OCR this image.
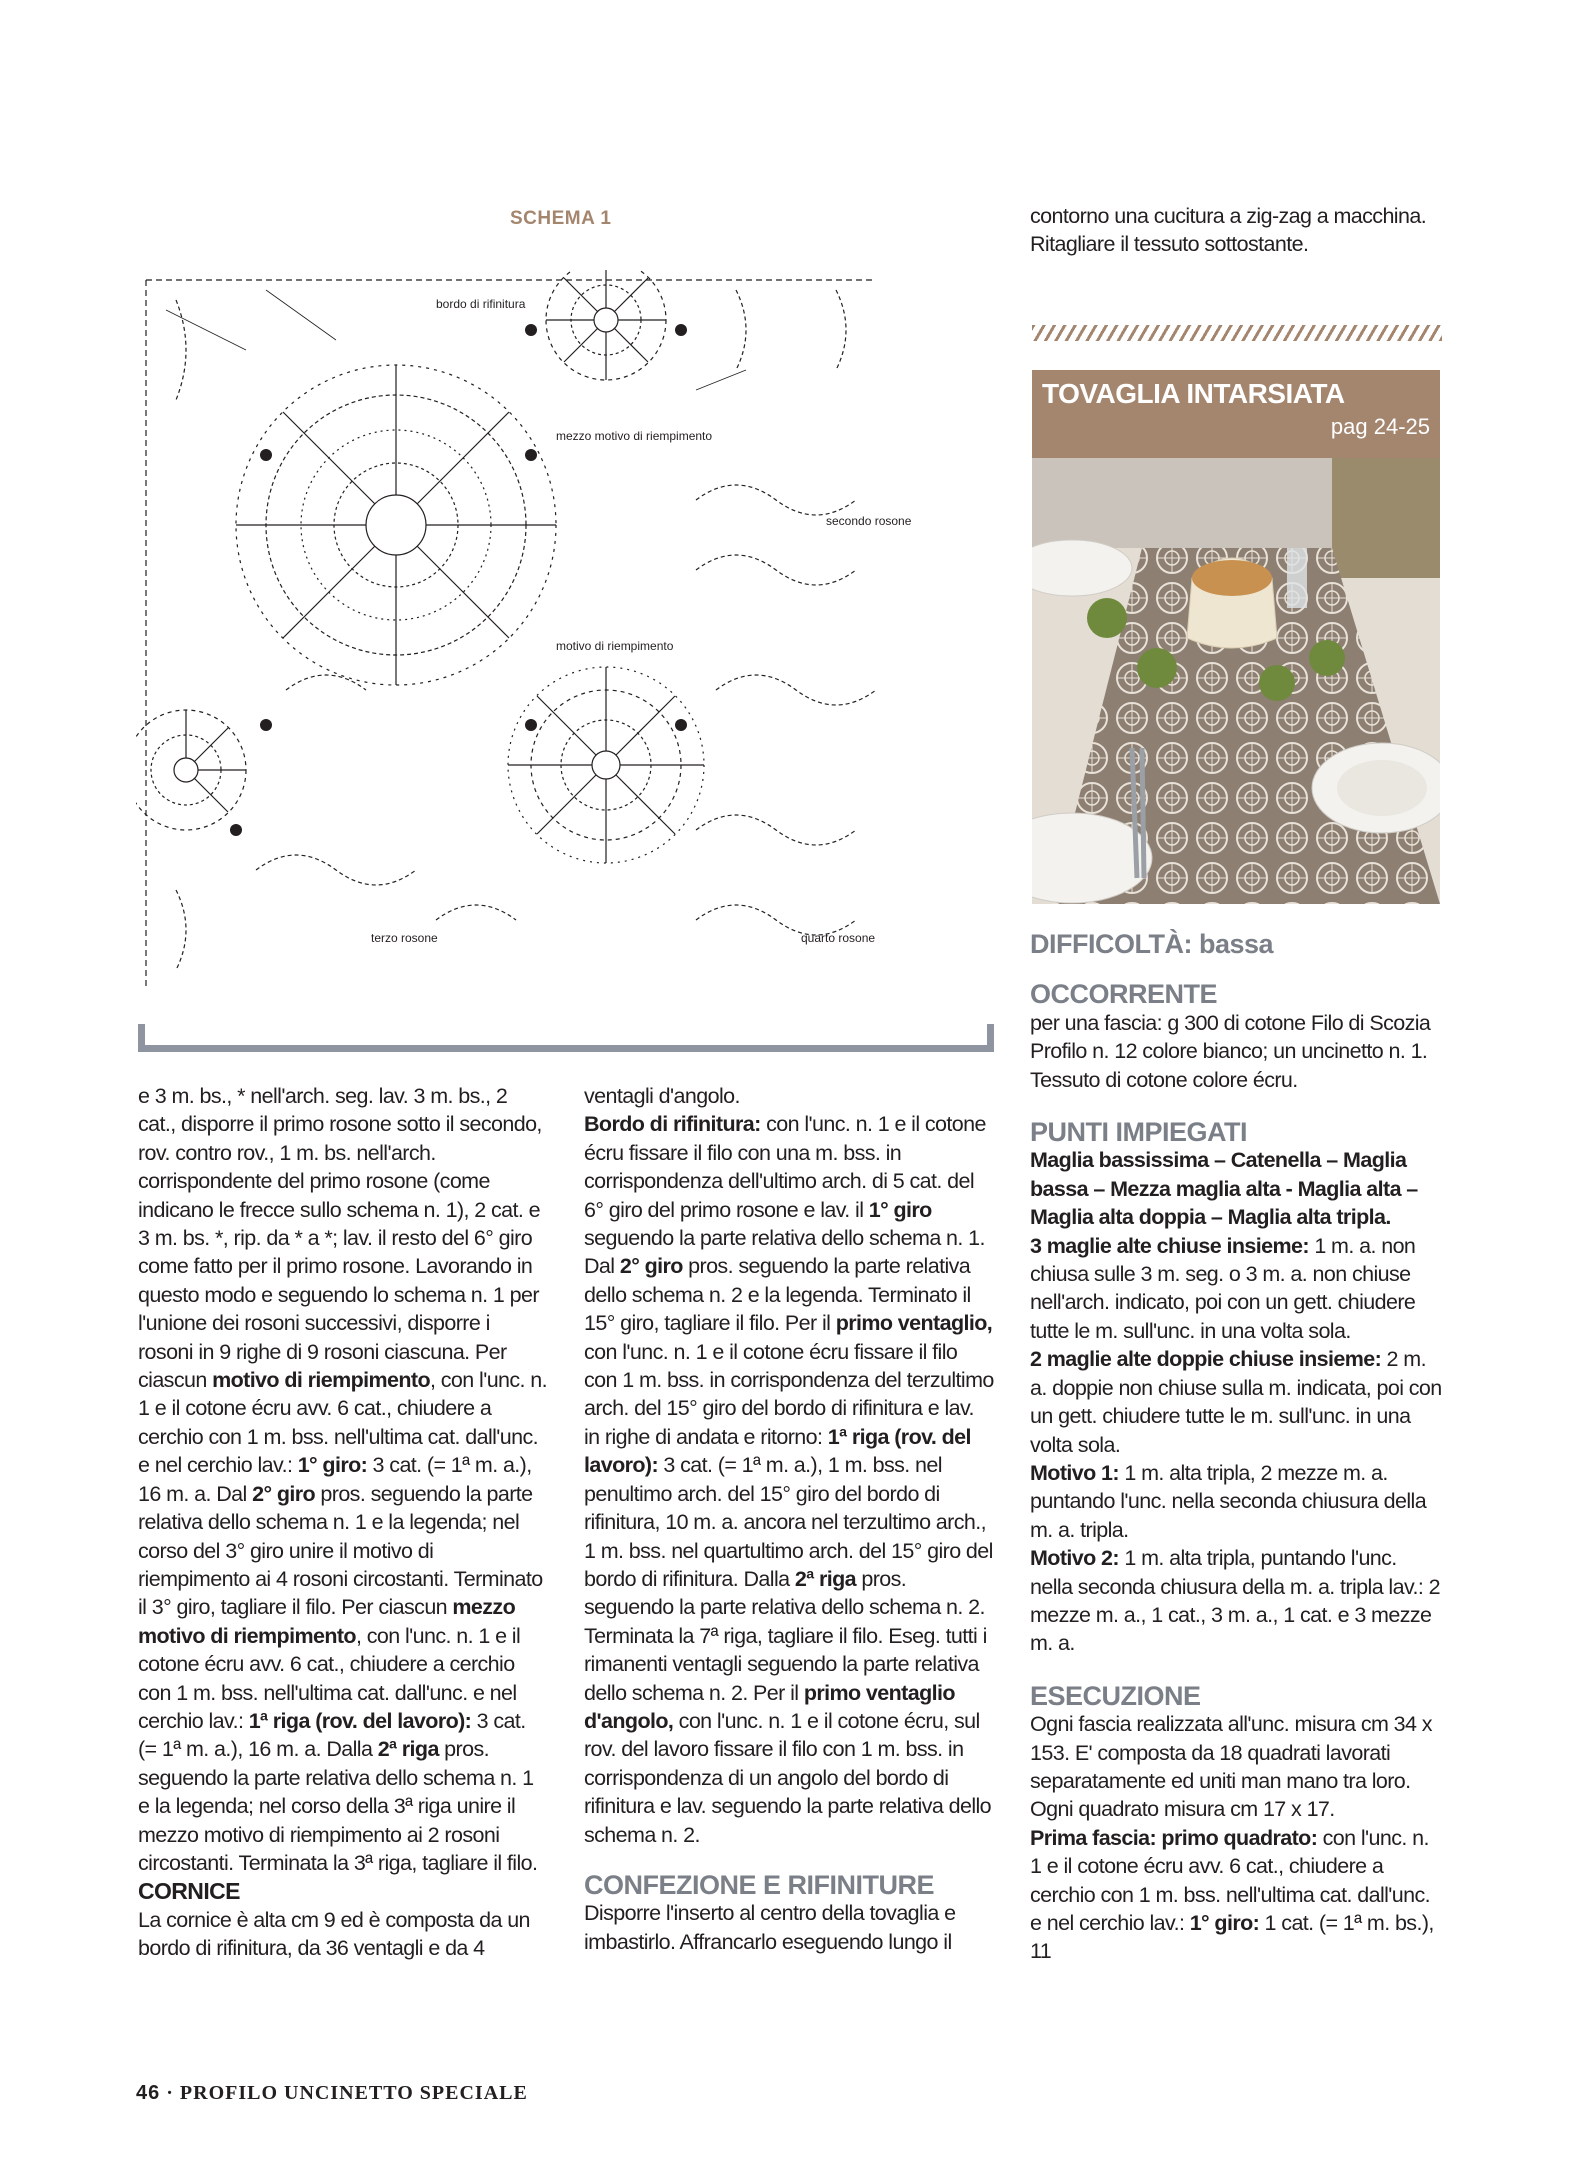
SCHEMA 1
bordo di rifinitura
mezzo motivo di riempimento
secondo rosone
motivo di riempimento
terzo rosone	quarto rosone

e 3 m. bs., * nell'arch. seg. lav. 3 m. bs., 2 cat., disporre il primo rosone sotto il secondo, rov. contro rov., 1 m. bs. nell'arch. corrispondente del primo rosone (come indicano le frecce sullo schema n. 1), 2 cat. e 3 m. bs. *, rip. da * a *; lav. il resto del 6° giro come fatto per il primo rosone. Lavorando in questo modo e seguendo lo schema n. 1 per l'unione dei rosoni successivi, disporre i rosoni in 9 righe di 9 rosoni ciascuna. Per ciascun motivo di riempimento, con l'unc. n. 1 e il cotone écru avv. 6 cat., chiudere a cerchio con 1 m. bss. nell'ultima cat. dall'unc. e nel cerchio lav.: 1° giro: 3 cat. (= 1ª m. a.), 16 m. a. Dal 2° giro pros. seguendo la parte relativa dello schema n. 1 e la legenda; nel corso del 3° giro unire il motivo di riempimento ai 4 rosoni circostanti. Terminato il 3° giro, tagliare il filo. Per ciascun mezzo motivo di riempimento, con l'unc. n. 1 e il cotone écru avv. 6 cat., chiudere a cerchio con 1 m. bss. nell'ultima cat. dall'unc. e nel cerchio lav.: 1ª riga (rov. del lavoro): 3 cat. (= 1ª m. a.), 16 m. a. Dalla 2ª riga pros. seguendo la parte relativa dello schema n. 1 e la legenda; nel corso della 3ª riga unire il mezzo motivo di riempimento ai 2 rosoni circostanti. Terminata la 3ª riga, tagliare il filo.

CORNICE

La cornice è alta cm 9 ed è composta da un bordo di rifinitura, da 36 ventagli e da 4

ventagli d'angolo.

Bordo di rifinitura: con l'unc. n. 1 e il cotone écru fissare il filo con una m. bss. in corrispondenza dell'ultimo arch. di 5 cat. del 6° giro del primo rosone e lav. il 1° giro seguendo la parte relativa dello schema n. 1. Dal 2° giro pros. seguendo la parte relativa dello schema n. 2 e la legenda. Terminato il 15° giro, tagliare il filo. Per il primo ventaglio, con l'unc. n. 1 e il cotone écru fissare il filo con 1 m. bss. in corrispondenza del terzultimo arch. del 15° giro del bordo di rifinitura e lav. in righe di andata e ritorno: 1ª riga (rov. del lavoro): 3 cat. (= 1ª m. a.), 1 m. bss. nel penultimo arch. del 15° giro del bordo di rifinitura, 10 m. a. ancora nel terzultimo arch., 1 m. bss. nel quartultimo arch. del 15° giro del bordo di rifinitura. Dalla 2ª riga pros. seguendo la parte relativa dello schema n. 2. Terminata la 7ª riga, tagliare il filo. Eseg. tutti i rimanenti ventagli seguendo la parte relativa dello schema n. 2. Per il primo ventaglio d'angolo, con l'unc. n. 1 e il cotone écru, sul rov. del lavoro fissare il filo con 1 m. bss. in corrispondenza di un angolo del bordo di rifinitura e lav. seguendo la parte relativa dello schema n. 2.

CONFEZIONE E RIFINITURE

Disporre l'inserto al centro della tovaglia e imbastirlo. Affrancarlo eseguendo lungo il

contorno una cucitura a zig-zag a macchina. Ritagliare il tessuto sottostante.

TOVAGLIA INTARSIATA
pag 24-25

DIFFICOLTÀ: bassa

OCCORRENTE

per una fascia: g 300 di cotone Filo di Scozia Profilo n. 12 colore bianco; un uncinetto n. 1. Tessuto di cotone colore écru.

PUNTI IMPIEGATI

Maglia bassissima – Catenella – Maglia bassa – Mezza maglia alta - Maglia alta – Maglia alta doppia – Maglia alta tripla.

3 maglie alte chiuse insieme: 1 m. a. non chiusa sulle 3 m. seg. o 3 m. a. non chiuse nell'arch. indicato, poi con un gett. chiudere tutte le m. sull'unc. in una volta sola.

2 maglie alte doppie chiuse insieme: 2 m. a. doppie non chiuse sulla m. indicata, poi con un gett. chiudere tutte le m. sull'unc. in una volta sola.

Motivo 1: 1 m. alta tripla, 2 mezze m. a. puntando l'unc. nella seconda chiusura della m. a. tripla.

Motivo 2: 1 m. alta tripla, puntando l'unc. nella seconda chiusura della m. a. tripla lav.: 2 mezze m. a., 1 cat., 3 m. a., 1 cat. e 3 mezze m. a.

ESECUZIONE

Ogni fascia realizzata all'unc. misura cm 34 x 153. E' composta da 18 quadrati lavorati separatamente ed uniti man mano tra loro. Ogni quadrato misura cm 17 x 17.

Prima fascia: primo quadrato: con l'unc. n. 1 e il cotone écru avv. 6 cat., chiudere a cerchio con 1 m. bss. nell'ultima cat. dall'unc. e nel cerchio lav.: 1° giro: 1 cat. (= 1ª m. bs.), 11

46 · PROFILO UNCINETTO SPECIALE
